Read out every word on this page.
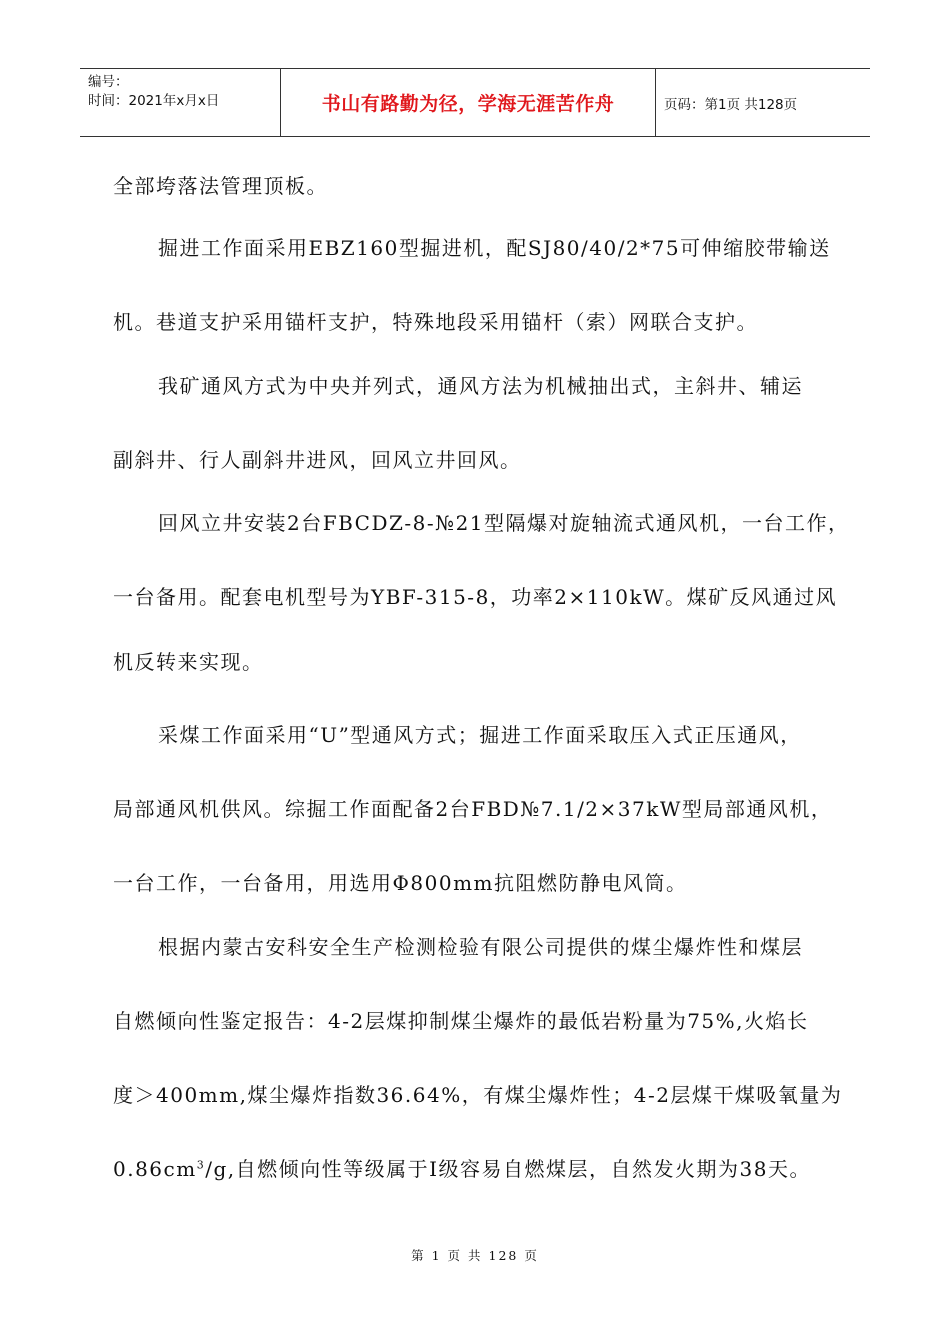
编号：
时间：2021年x月x日	书山有路勤为径，学海无涯苦作舟	页码：第1页 共128页
全部垮落法管理顶板。
掘进工作面采用EBZ160型掘进机，配SJ80/40/2*75可伸缩胶带输送
机。巷道支护采用锚杆支护，特殊地段采用锚杆（索）网联合支护。
我矿通风方式为中央并列式，通风方法为机械抽出式，主斜井、辅运
副斜井、行人副斜井进风，回风立井回风。
回风立井安装2台FBCDZ-8-№21型隔爆对旋轴流式通风机，一台工作，
一台备用。配套电机型号为YBF-315-8，功率2×110kW。煤矿反风通过风
机反转来实现。
采煤工作面采用“U”型通风方式；掘进工作面采取压入式正压通风，
局部通风机供风。综掘工作面配备2台FBD№7.1/2×37kW型局部通风机，
一台工作，一台备用，用选用Φ800mm抗阻燃防静电风筒。
根据内蒙古安科安全生产检测检验有限公司提供的煤尘爆炸性和煤层
自燃倾向性鉴定报告：4-2层煤抑制煤尘爆炸的最低岩粉量为75%,火焰长
度＞400mm,煤尘爆炸指数36.64%，有煤尘爆炸性；4-2层煤干煤吸氧量为
$0.86cm^3/g$,自燃倾向性等级属于Ⅰ级容易自燃煤层，自然发火期为38天。
第 1 页 共 128 页
